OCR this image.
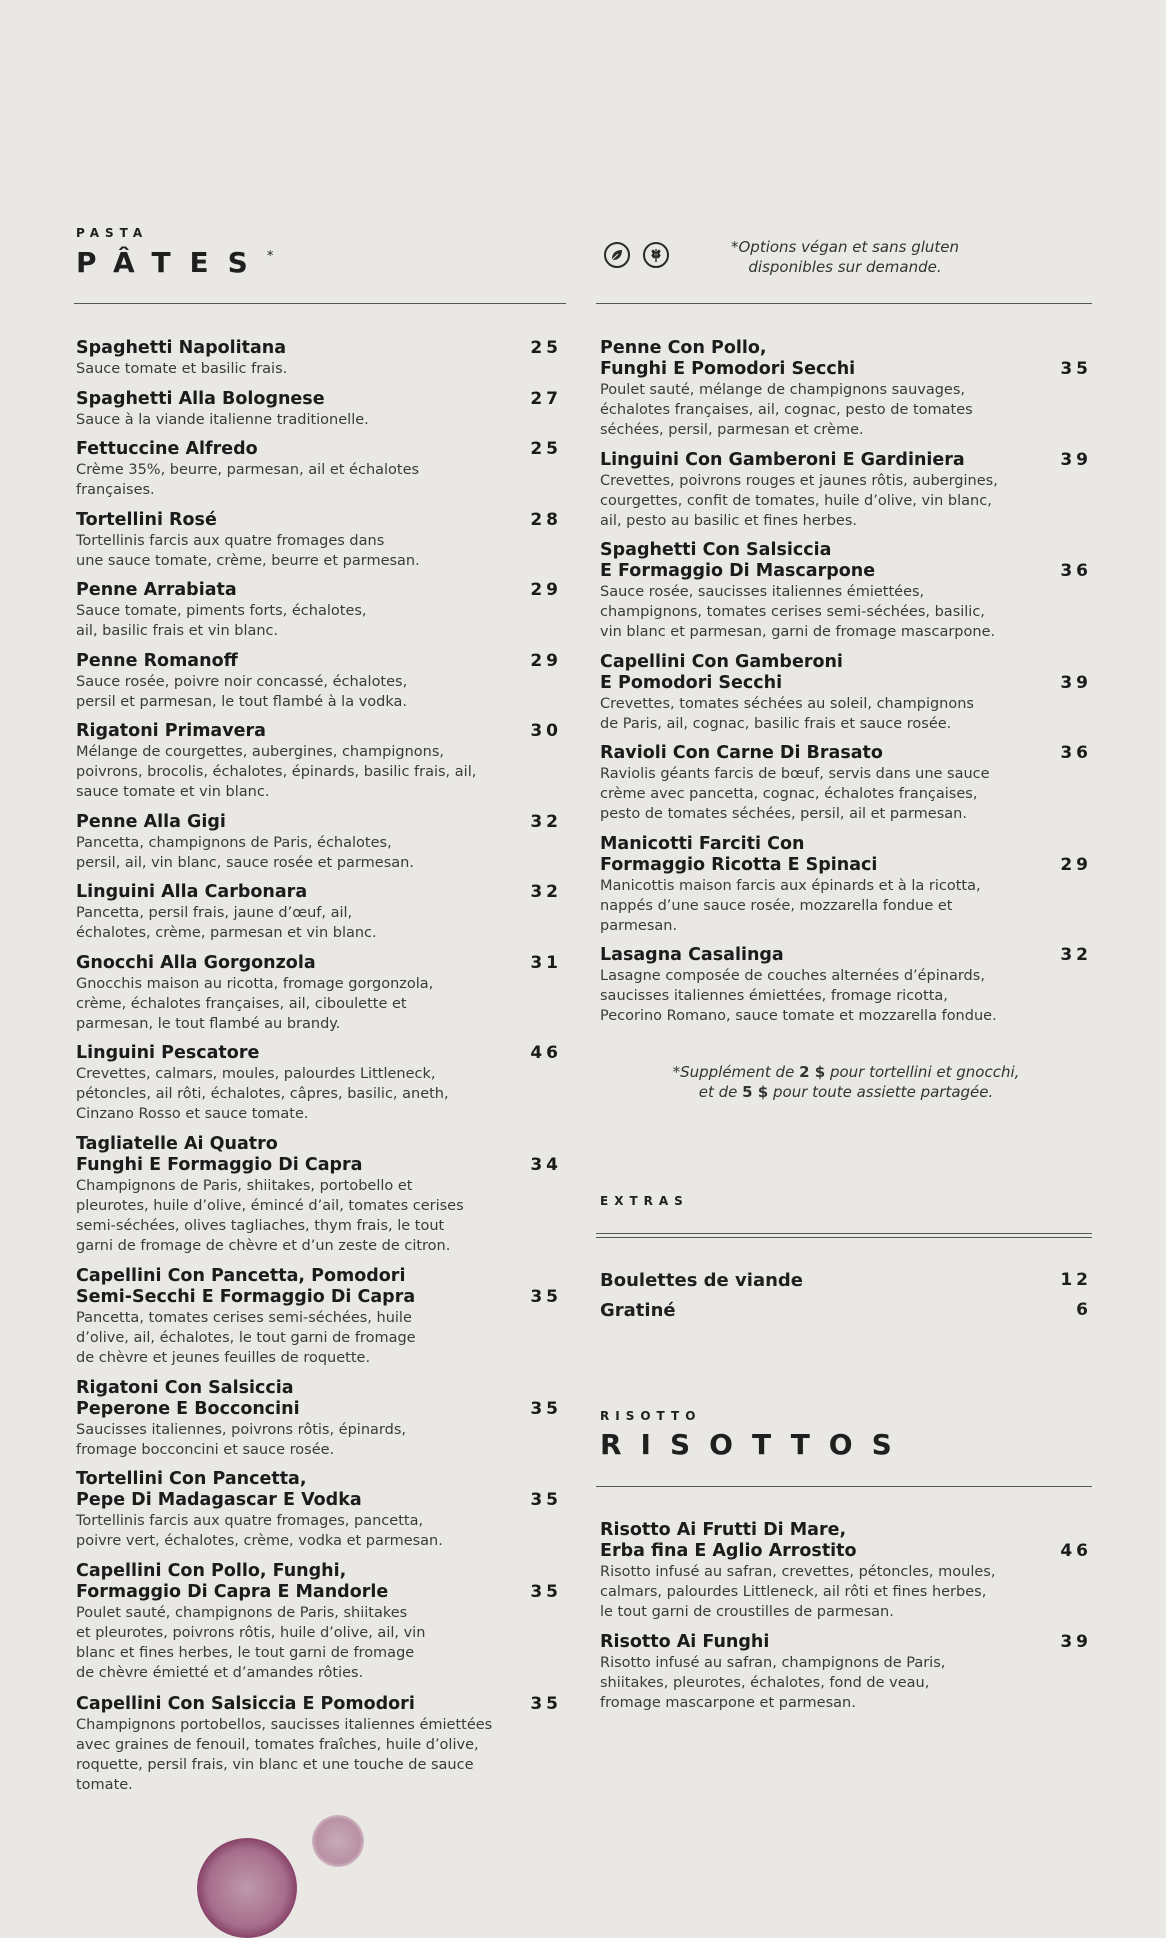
PASTA
PÂTES*
Spaghetti Napolitana	25
Sauce tomate et basilic frais.
Spaghetti Alla Bolognese	27
Sauce à la viande italienne traditionelle.
Fettuccine Alfredo	25
Crème 35%, beurre, parmesan, ail et échalotes
françaises.
Tortellini Rosé	28
Tortellinis farcis aux quatre fromages dans
une sauce tomate, crème, beurre et parmesan.
Penne Arrabiata	29
Sauce tomate, piments forts, échalotes,
ail, basilic frais et vin blanc.
Penne Romanoff	29
Sauce rosée, poivre noir concassé, échalotes,
persil et parmesan, le tout flambé à la vodka.
Rigatoni Primavera	30
Mélange de courgettes, aubergines, champignons,
poivrons, brocolis, échalotes, épinards, basilic frais, ail,
sauce tomate et vin blanc.
Penne Alla Gigi	32
Pancetta, champignons de Paris, échalotes,
persil, ail, vin blanc, sauce rosée et parmesan.
Linguini Alla Carbonara	32
Pancetta, persil frais, jaune d’œuf, ail,
échalotes, crème, parmesan et vin blanc.
Gnocchi Alla Gorgonzola	31
Gnocchis maison au ricotta, fromage gorgonzola,
crème, échalotes françaises, ail, ciboulette et
parmesan, le tout flambé au brandy.
Linguini Pescatore	46
Crevettes, calmars, moules, palourdes Littleneck,
pétoncles, ail rôti, échalotes, câpres, basilic, aneth,
Cinzano Rosso et sauce tomate.
Tagliatelle Ai Quatro
Funghi E Formaggio Di Capra	34
Champignons de Paris, shiitakes, portobello et
pleurotes, huile d’olive, émincé d’ail, tomates cerises
semi-séchées, olives tagliaches, thym frais, le tout
garni de fromage de chèvre et d’un zeste de citron.
Capellini Con Pancetta, Pomodori
Semi-Secchi E Formaggio Di Capra	35
Pancetta, tomates cerises semi-séchées, huile
d’olive, ail, échalotes, le tout garni de fromage
de chèvre et jeunes feuilles de roquette.
Rigatoni Con Salsiccia
Peperone E Bocconcini	35
Saucisses italiennes, poivrons rôtis, épinards,
fromage bocconcini et sauce rosée.
Tortellini Con Pancetta,
Pepe Di Madagascar E Vodka	35
Tortellinis farcis aux quatre fromages, pancetta,
poivre vert, échalotes, crème, vodka et parmesan.
Capellini Con Pollo, Funghi,
Formaggio Di Capra E Mandorle	35
Poulet sauté, champignons de Paris, shiitakes
et pleurotes, poivrons rôtis, huile d’olive, ail, vin
blanc et fines herbes, le tout garni de fromage
de chèvre émietté et d’amandes rôties.
Capellini Con Salsiccia E Pomodori	35
Champignons portobellos, saucisses italiennes émiettées
avec graines de fenouil, tomates fraîches, huile d’olive,
roquette, persil frais, vin blanc et une touche de sauce
tomate.
Penne Con Pollo,
Funghi E Pomodori Secchi	35
Poulet sauté, mélange de champignons sauvages,
échalotes françaises, ail, cognac, pesto de tomates
séchées, persil, parmesan et crème.
Linguini Con Gamberoni E Gardiniera	39
Crevettes, poivrons rouges et jaunes rôtis, aubergines,
courgettes, confit de tomates, huile d’olive, vin blanc,
ail, pesto au basilic et fines herbes.
Spaghetti Con Salsiccia
E Formaggio Di Mascarpone	36
Sauce rosée, saucisses italiennes émiettées,
champignons, tomates cerises semi-séchées, basilic,
vin blanc et parmesan, garni de fromage mascarpone.
Capellini Con Gamberoni
E Pomodori Secchi	39
Crevettes, tomates séchées au soleil, champignons
de Paris, ail, cognac, basilic frais et sauce rosée.
Ravioli Con Carne Di Brasato	36
Raviolis géants farcis de bœuf, servis dans une sauce
crème avec pancetta, cognac, échalotes françaises,
pesto de tomates séchées, persil, ail et parmesan.
Manicotti Farciti Con
Formaggio Ricotta E Spinaci	29
Manicottis maison farcis aux épinards et à la ricotta,
nappés d’une sauce rosée, mozzarella fondue et
parmesan.
Lasagna Casalinga	32
Lasagne composée de couches alternées d’épinards,
saucisses italiennes émiettées, fromage ricotta,
Pecorino Romano, sauce tomate et mozzarella fondue.
*Supplément de 2 $ pour tortellini et gnocchi,
et de 5 $ pour toute assiette partagée.
EXTRAS
Boulettes de viande	12
Gratiné	6
RISOTTO
RISOTTOS
Risotto Ai Frutti Di Mare,
Erba fina E Aglio Arrostito	46
Risotto infusé au safran, crevettes, pétoncles, moules,
calmars, palourdes Littleneck, ail rôti et fines herbes,
le tout garni de croustilles de parmesan.
Risotto Ai Funghi	39
Risotto infusé au safran, champignons de Paris,
shiitakes, pleurotes, échalotes, fond de veau,
fromage mascarpone et parmesan.

*Options végan et sans gluten
disponibles sur demande.
